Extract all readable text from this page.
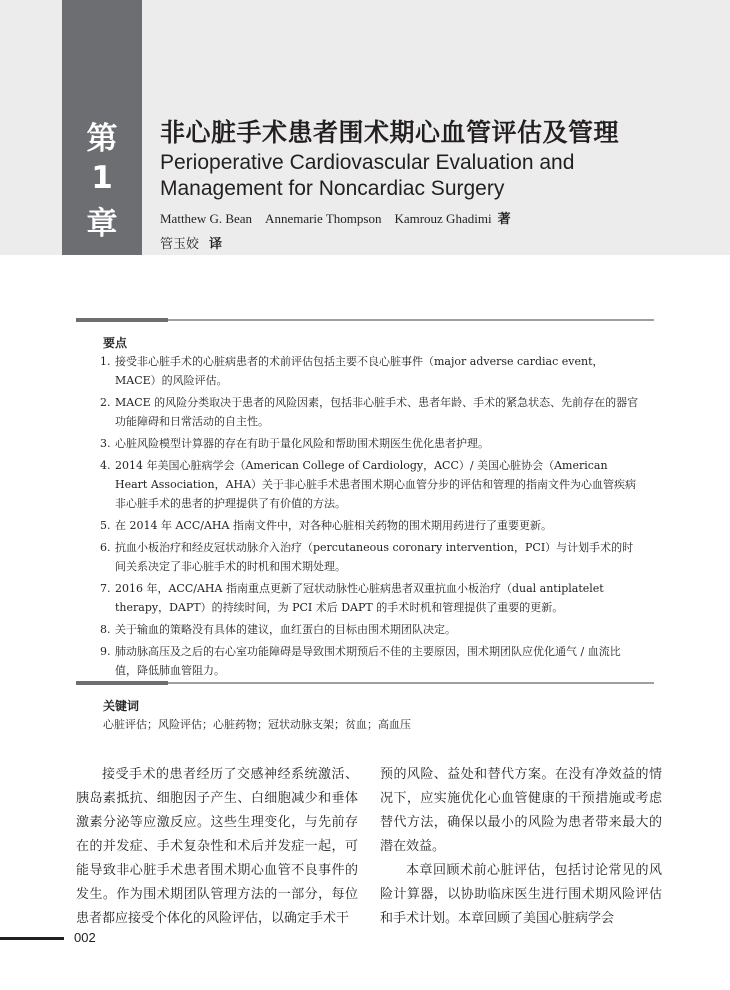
第
1
章
非心脏手术患者围术期心血管评估及管理
Perioperative Cardiovascular Evaluation and Management for Noncardiac Surgery
Matthew G. Bean　Annemarie Thompson　Kamrouz Ghadimi 著
管玉姣 译
要点
1. 接受非心脏手术的心脏病患者的术前评估包括主要不良心脏事件（major adverse cardiac event，MACE）的风险评估。
2. MACE 的风险分类取决于患者的风险因素，包括非心脏手术、患者年龄、手术的紧急状态、先前存在的器官功能障碍和日常活动的自主性。
3. 心脏风险模型计算器的存在有助于量化风险和帮助围术期医生优化患者护理。
4. 2014 年美国心脏病学会（American College of Cardiology，ACC）/ 美国心脏协会（American Heart Association，AHA）关于非心脏手术患者围术期心血管分步的评估和管理的指南文件为心血管疾病非心脏手术的患者的护理提供了有价值的方法。
5. 在 2014 年 ACC/AHA 指南文件中，对各种心脏相关药物的围术期用药进行了重要更新。
6. 抗血小板治疗和经皮冠状动脉介入治疗（percutaneous coronary intervention，PCI）与计划手术的时间关系决定了非心脏手术的时机和围术期处理。
7. 2016 年，ACC/AHA 指南重点更新了冠状动脉性心脏病患者双重抗血小板治疗（dual antiplatelet therapy，DAPT）的持续时间，为 PCI 术后 DAPT 的手术时机和管理提供了重要的更新。
8. 关于输血的策略没有具体的建议，血红蛋白的目标由围术期团队决定。
9. 肺动脉高压及之后的右心室功能障碍是导致围术期预后不佳的主要原因，围术期团队应优化通气 / 血流比值，降低肺血管阻力。
关键词
心脏评估；风险评估；心脏药物；冠状动脉支架；贫血；高血压

接受手术的患者经历了交感神经系统激活、胰岛素抵抗、细胞因子产生、白细胞减少和垂体激素分泌等应激反应。这些生理变化，与先前存在的并发症、手术复杂性和术后并发症一起，可能导致非心脏手术患者围术期心血管不良事件的发生。作为围术期团队管理方法的一部分，每位患者都应接受个体化的风险评估，以确定手术干

预的风险、益处和替代方案。在没有净效益的情况下，应实施优化心血管健康的干预措施或考虑替代方法，确保以最小的风险为患者带来最大的潜在效益。

本章回顾术前心脏评估，包括讨论常见的风险计算器，以协助临床医生进行围术期风险评估和手术计划。本章回顾了美国心脏病学会

002
